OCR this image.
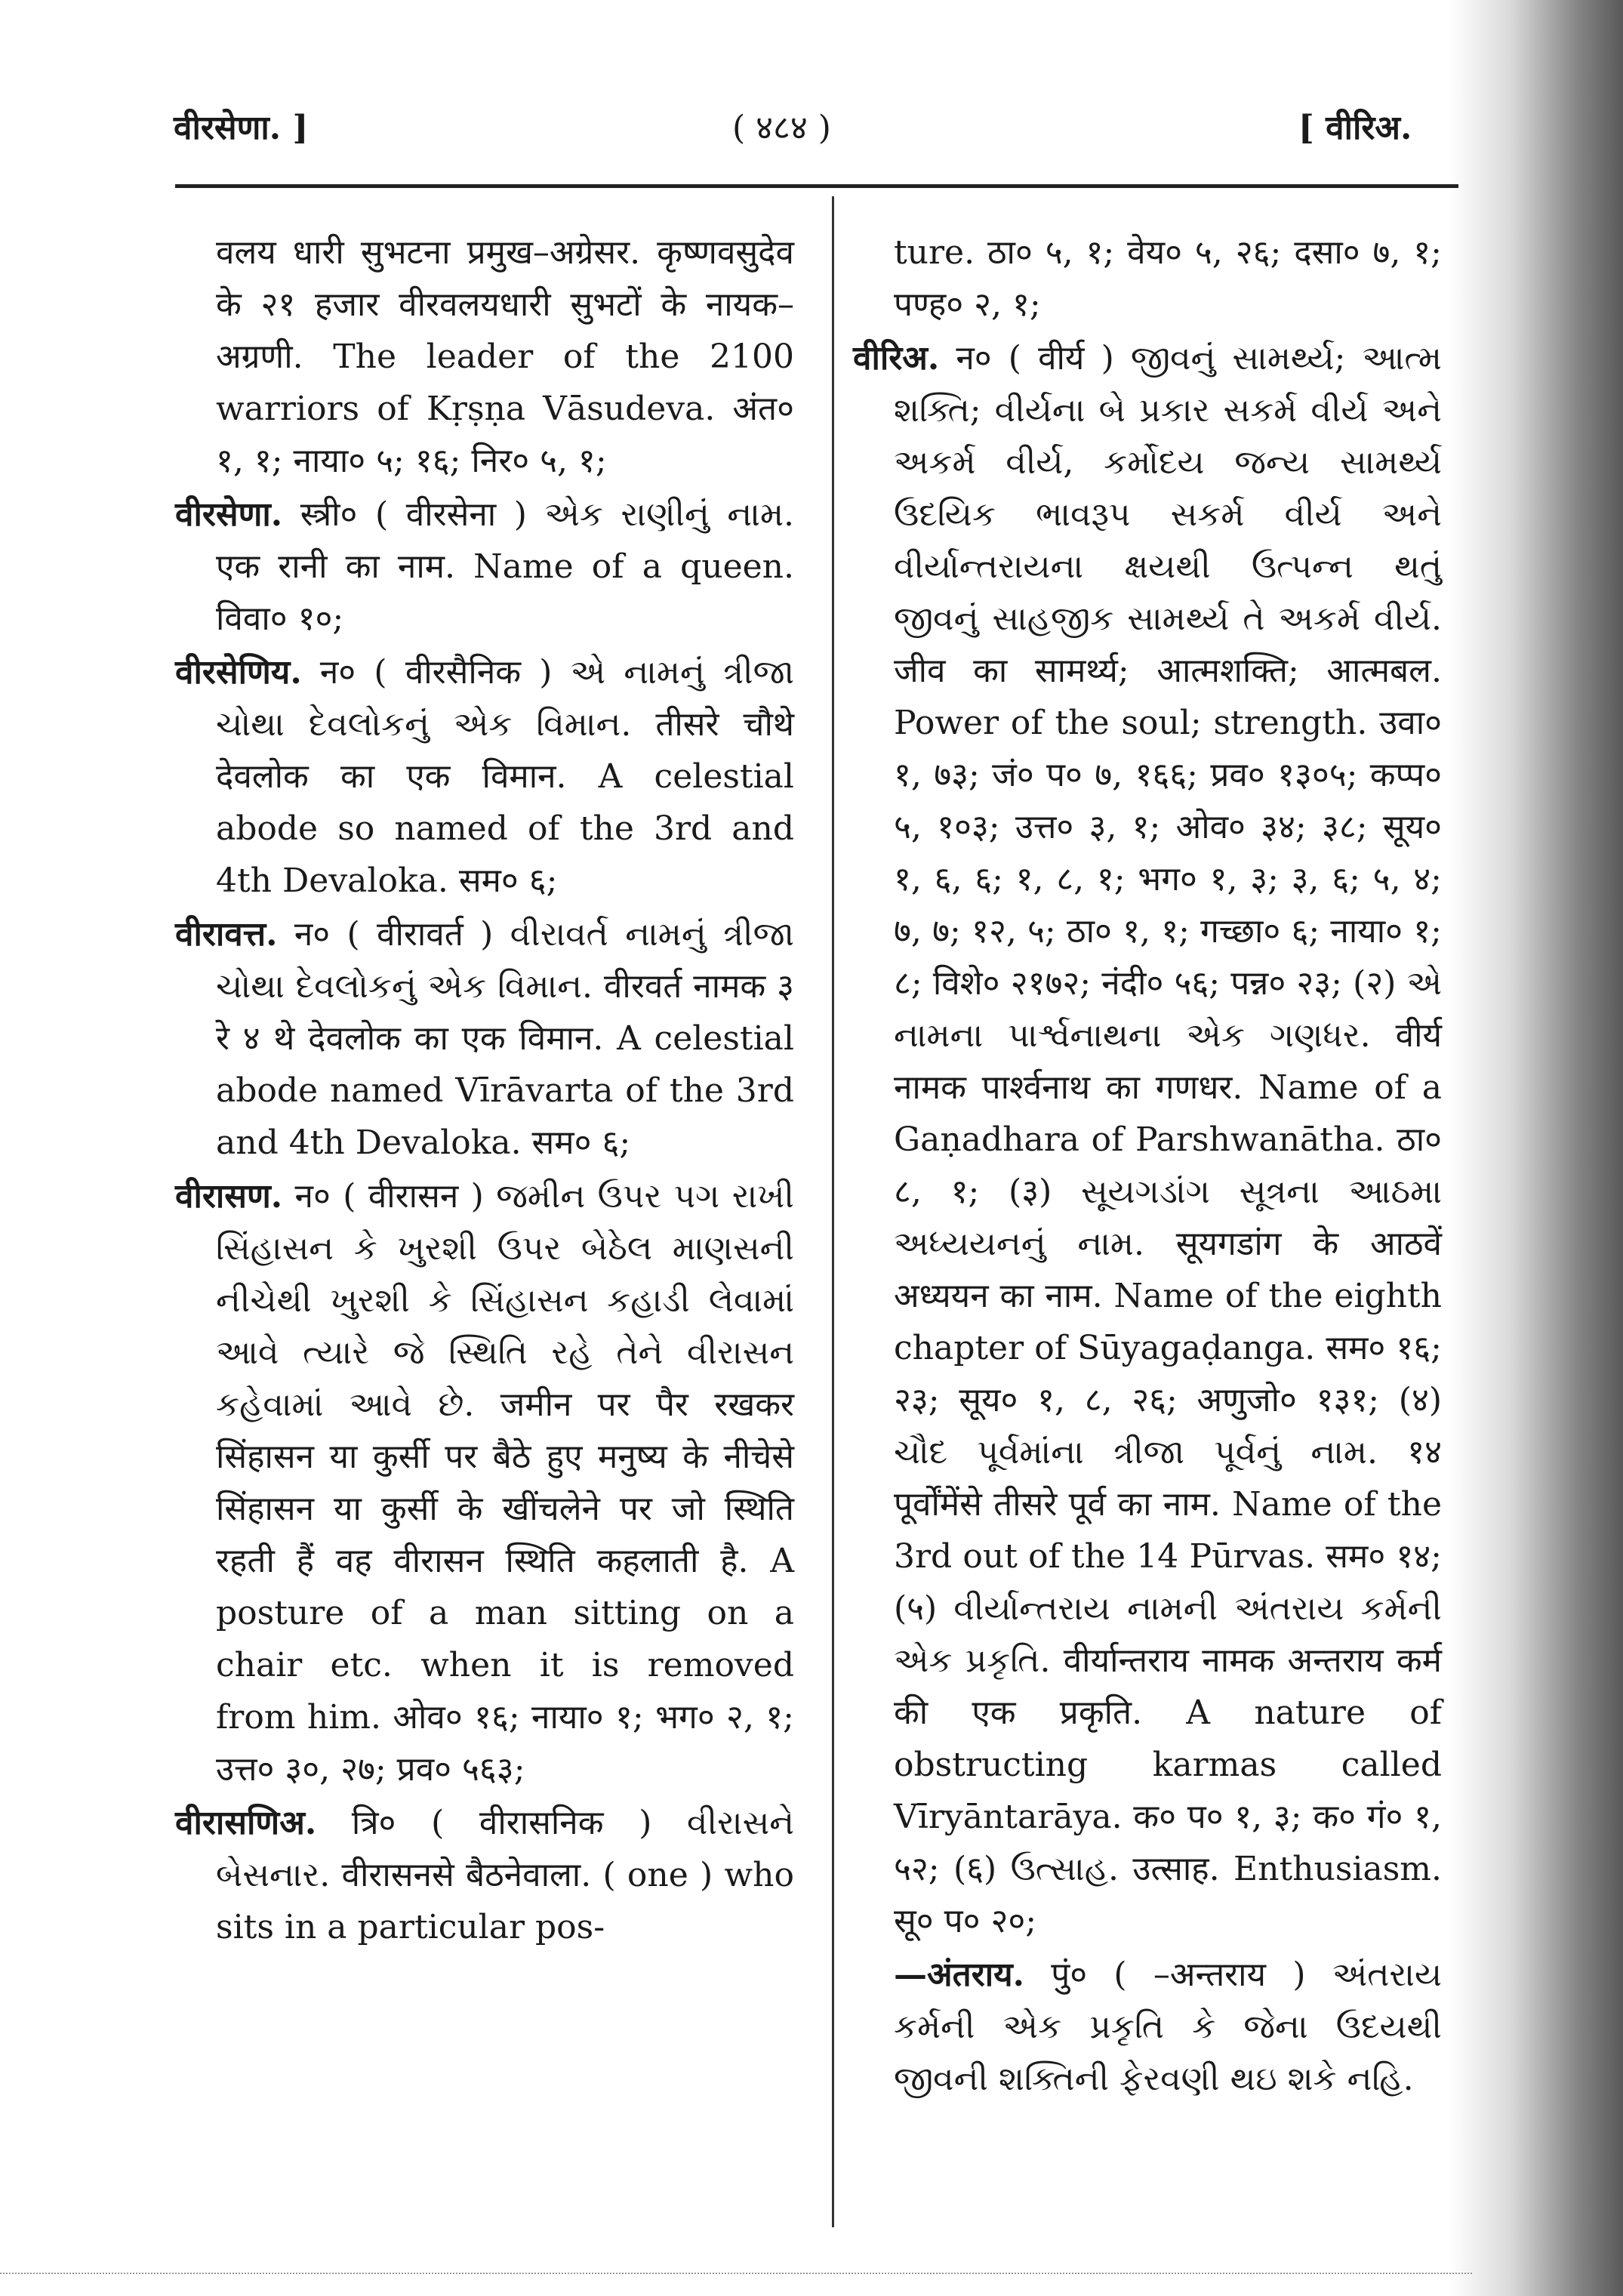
वीरसेणा. ]	( ४८४ )	[ वीरिअ.

वलय धारी सुभटना प्रमुख–अग्रेसर. कृष्णवसुदेव के २१ हजार वीरवलयधारी सुभटों के नायक–अग्रणी. The leader of the 2100 warriors of Kṛṣṇa Vāsudeva. अंत० १, १; नाया० ५; १६; निर० ५, १;

वीरसेणा. स्त्री० ( वीरसेना ) એક રાણીનું નામ. एक रानी का नाम. Name of a queen. विवा० १०;

वीरसेणिय. न० ( वीरसैनिक ) એ નામનું ત્રીજા ચોથા દેવલોકનું એક વિમાન. तीसरे चौथे देवलोक का एक विमान. A celestial abode so named of the 3rd and 4th Devaloka. सम० ६;

वीरावत्त. न० ( वीरावर्त ) વીરાવર્ત નામનું ત્રીજા ચોથા દેવલોકનું એક વિમાન. वीरवर्त नामक ३ रे ४ थे देवलोक का एक विमान. A celestial abode named Vīrāvarta of the 3rd and 4th Devaloka. सम० ६;

वीरासण. न० ( वीरासन ) જમીન ઉપર પગ રાખી સિંહાસન કે ખુરશી ઉપર બેઠેલ માણસની નીચેથી ખુરશી કે સિંહાસન કહાડી લેવામાં આવે ત્યારે જે સ્થિતિ રહે તેને વીરાસન કહેવામાં આવે છે. जमीन पर पैर रखकर सिंहासन या कुर्सी पर बैठे हुए मनुष्य के नीचेसे सिंहासन या कुर्सी के खींचलेने पर जो स्थिति रहती हैं वह वीरासन स्थिति कहलाती है. A posture of a man sitting on a chair etc. when it is removed from him. ओव० १६; नाया० १; भग० २, १; उत्त० ३०, २७; प्रव० ५६३;

वीरासणिअ. त्रि० ( वीरासनिक ) વીરાસને બેસનાર. वीरासनसे बैठनेवाला. ( one ) who sits in a particular pos-

ture. ठा० ५, १; वेय० ५, २६; दसा० ७, १; पण्ह० २, १;

वीरिअ. न० ( वीर्य ) જીવનું સામર્થ્ય; આત્મ શક્તિ; વીર્યના બે પ્રકાર સકર્મ વીર્ય અને અકર્મ વીર્ય, કર્મોદય જન્ય સામર્થ્ય ઉદયિક ભાવરૂપ સકર્મ વીર્ય અને વીર્યાન્તરાયના ક્ષયથી ઉત્પન્ન થતું જીવનું સાહજીક સામર્થ્ય તે અકર્મ વીર્ય. जीव का सामर्थ्य; आत्मशक्ति; आत्मबल. Power of the soul; strength. उवा० १, ७३; जं० प० ७, १६६; प्रव० १३०५; कप्प० ५, १०३; उत्त० ३, १; ओव० ३४; ३८; सूय० १, ६, ६; १, ८, १; भग० १, ३; ३, ६; ५, ४; ७, ७; १२, ५; ठा० १, १; गच्छा० ६; नाया० १; ८; विशे० २१७२; नंदी० ५६; पन्न० २३; (२) એ નામના પાર્શ્વનાથના એક ગણધર. वीर्य नामक पार्श्वनाथ का गणधर. Name of a Gaṇadhara of Parshwanātha. ठा० ८, १; (३) સૂયગડાંગ સૂત્રના આઠમા અધ્યયનનું નામ. सूयगडांग के आठवें अध्ययन का नाम. Name of the eighth chapter of Sūyagaḍanga. सम० १६; २३; सूय० १, ८, २६; अणुजो० १३१; (४) ચૌદ પૂર્વમાંના ત્રીજા પૂર્વનું નામ. १४ पूर्वोंमेंसे तीसरे पूर्व का नाम. Name of the 3rd out of the 14 Pūrvas. सम० १४; (५) વીર્યાન્તરાય નામની અંતરાય કર્મની એક પ્રકૃતિ. वीर्यान्तराय नामक अन्तराय कर्म की एक प्रकृति. A nature of obstructing karmas called Vīryāntarāya. क० प० १, ३; क० गं० १, ५२; (६) ઉત્સાહ. उत्साह. Enthusiasm. सू० प० २०;

—अंतराय. पुं० ( –अन्तराय ) અંતરાય કર્મની એક પ્રકૃતિ કે જેના ઉદયથી જીવની શક્તિની ફેરવણી થઇ શકે નહિ.
